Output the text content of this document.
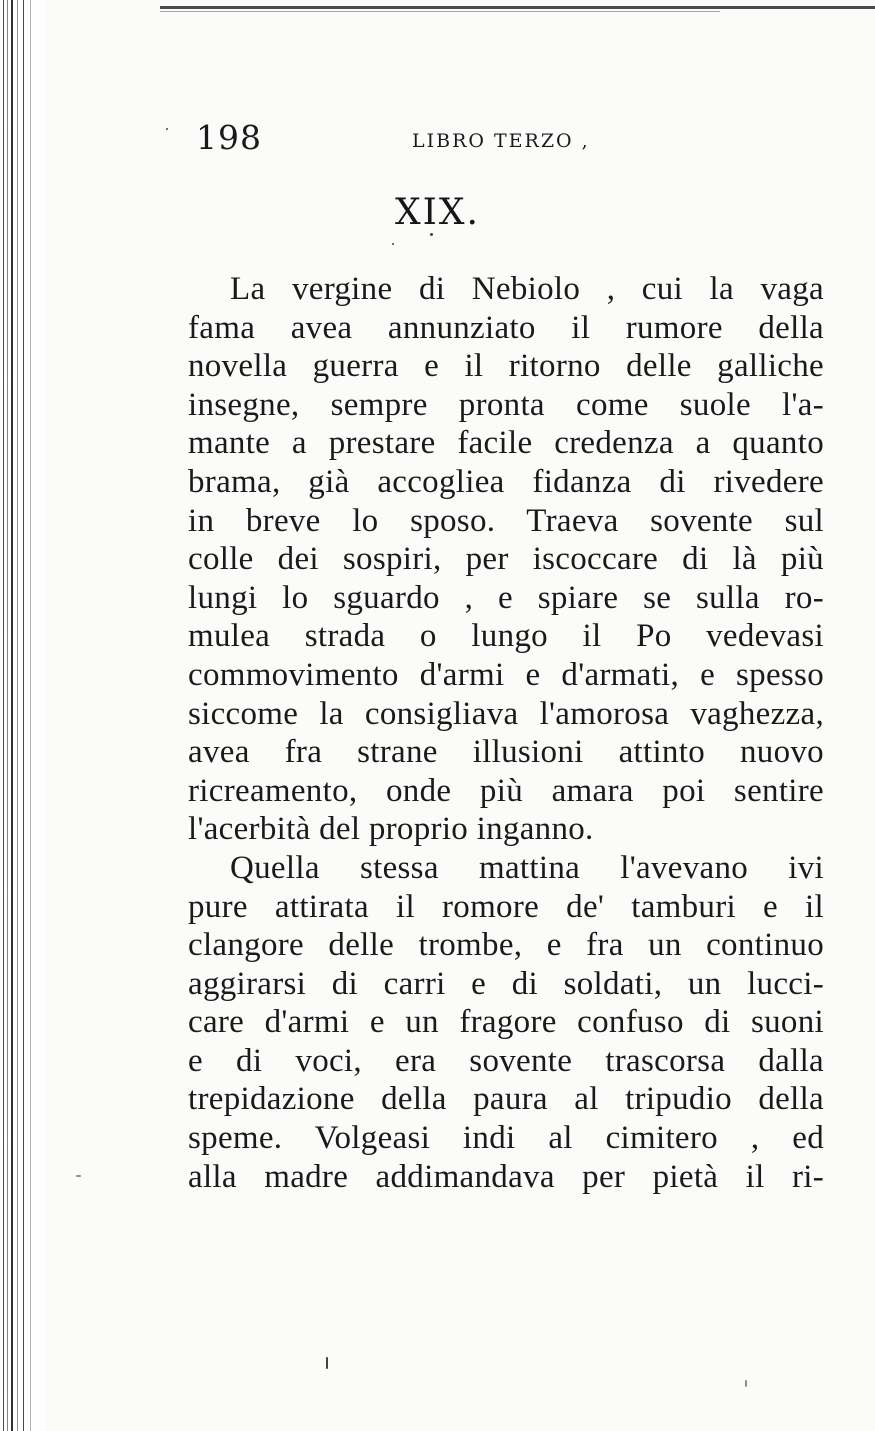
198	LIBRO TERZO ,
XIX.
La vergine di Nebiolo , cui la vaga
fama avea annunziato il rumore della
novella guerra e il ritorno delle galliche
insegne, sempre pronta come suole l'a-
mante a prestare facile credenza a quanto
brama, già accogliea fidanza di rivedere
in breve lo sposo. Traeva sovente sul
colle dei sospiri, per iscoccare di là più
lungi lo sguardo , e spiare se sulla ro-
mulea strada o lungo il Po vedevasi
commovimento d'armi e d'armati, e spesso
siccome la consigliava l'amorosa vaghezza,
avea fra strane illusioni attinto nuovo
ricreamento, onde più amara poi sentire
l'acerbità del proprio inganno.
Quella stessa mattina l'avevano ivi
pure attirata il romore de' tamburi e il
clangore delle trombe, e fra un continuo
aggirarsi di carri e di soldati, un lucci-
care d'armi e un fragore confuso di suoni
e di voci, era sovente trascorsa dalla
trepidazione della paura al tripudio della
speme. Volgeasi indi al cimitero , ed
alla madre addimandava per pietà il ri-
